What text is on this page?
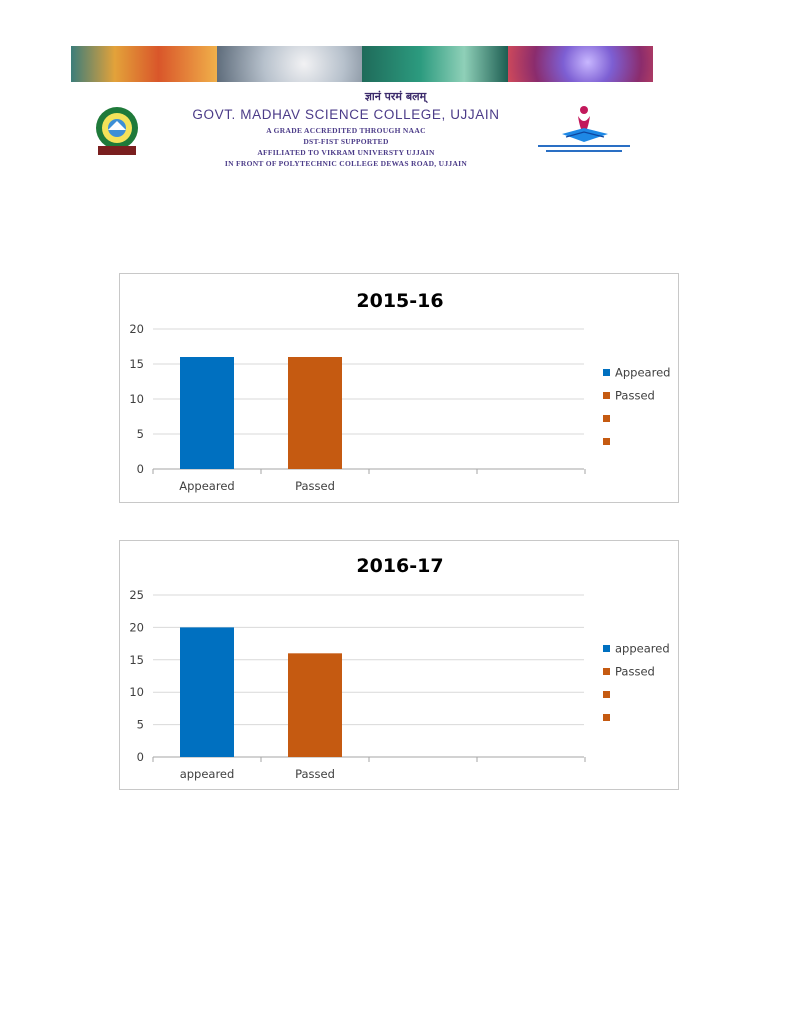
ज्ञानं परमं बलम्
GOVT. MADHAV SCIENCE COLLEGE, UJJAIN
A GRADE ACCREDITED THROUGH NAAC
DST-FIST SUPPORTED
AFFILIATED TO VIKRAM UNIVERSTY UJJAIN
IN FRONT OF POLYTECHNIC COLLEGE DEWAS ROAD, UJJAIN
2015-16
0
5
10
15
20
Appeared	Passed
Appeared
Passed
2016-17
0
5
10
15
20
25
appeared	Passed
appeared
Passed
